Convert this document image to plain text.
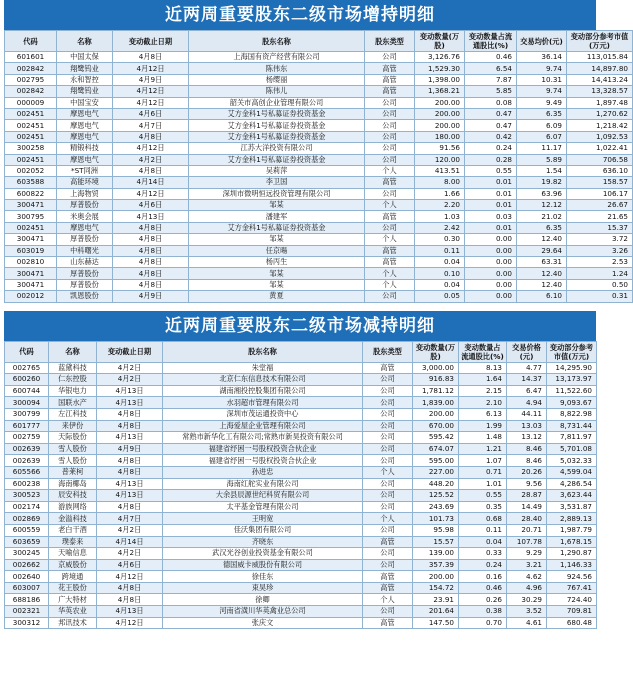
近两周重要股东二级市场增持明细
代码	名称	变动截止日期	股东名称	股东类型	变动数量(万股)	变动数量占流通股比(%)	交易均价(元)	变动部分参考市值(万元)
601601	中国太保	4月8日	上海国有资产经营有限公司	公司	3,126.76	0.46	36.14	113,015.84
002842	翔鹭钨业	4月12日	陈伟东	高管	1,529.30	6.54	9.74	14,897.80
002795	永和智控	4月9日	杨缨丽	高管	1,398.00	7.87	10.31	14,413.24
002842	翔鹭钨业	4月12日	陈伟儿	高管	1,368.21	5.85	9.74	13,328.57
000009	中国宝安	4月12日	韶关市高创企业管理有限公司	公司	200.00	0.08	9.49	1,897.48
002451	摩恩电气	4月6日	艾方金科1号私募证券投资基金	公司	200.00	0.47	6.35	1,270.62
002451	摩恩电气	4月7日	艾方金科1号私募证券投资基金	公司	200.00	0.47	6.09	1,218.42
002451	摩恩电气	4月8日	艾方金科1号私募证券投资基金	公司	180.00	0.42	6.07	1,092.53
300258	精锻科技	4月12日	江苏大洋投资有限公司	公司	91.56	0.24	11.17	1,022.41
002451	摩恩电气	4月2日	艾方金科1号私募证券投资基金	公司	120.00	0.28	5.89	706.58
002052	*ST同洲	4月8日	吴莉萍	个人	413.51	0.55	1.54	636.10
603588	高能环境	4月14日	李卫国	高管	8.00	0.01	19.82	158.57
600822	上海物贸	4月12日	深圳市微明恒远投资管理有限公司	公司	1.66	0.01	63.96	106.17
300471	厚普股份	4月6日	邹某	个人	2.20	0.01	12.12	26.67
300795	米奥会展	4月13日	潘建军	高管	1.03	0.03	21.02	21.65
002451	摩恩电气	4月8日	艾方金科1号私募证券投资基金	公司	2.42	0.01	6.35	15.37
300471	厚普股份	4月8日	邹某	个人	0.30	0.00	12.40	3.72
603019	中科曙光	4月8日	任京暘	高管	0.11	0.00	29.64	3.26
002810	山东赫达	4月8日	杨丙生	高管	0.04	0.00	63.31	2.53
300471	厚普股份	4月8日	邹某	个人	0.10	0.00	12.40	1.24
300471	厚普股份	4月8日	邹某	个人	0.04	0.00	12.40	0.50
002012	凯恩股份	4月9日	黄夏	公司	0.05	0.00	6.10	0.31
近两周重要股东二级市场减持明细
代码	名称	变动截止日期	股东名称	股东类型	变动数量(万股)	变动数量占流通股比(%)	交易价格(元)	变动部分参考市值(万元)
002765	蓝黛科技	4月2日	朱堂福	高管	3,000.00	8.13	4.77	14,295.90
600260	仁东控股	4月2日	北京仁东信息技术有限公司	公司	916.83	1.64	14.37	13,173.97
600744	华银电力	4月13日	湖南湘投控股集团有限公司	公司	1,781.12	2.15	6.47	11,522.60
300094	国联水产	4月13日	水羽超市管理有限公司	公司	1,839.00	2.10	4.94	9,093.67
300799	左江科技	4月8日	深圳市茂运通投资中心	公司	200.00	6.13	44.11	8,822.98
601777	来伊份	4月8日	上海爱屋企业管理有限公司	公司	670.00	1.99	13.03	8,731.44
002759	天际股份	4月13日	常熟市新华化工有限公司;常熟市新昊投资有限公司	公司	595.42	1.48	13.12	7,811.97
002639	雪人股份	4月9日	福建省纾困一号股权投资合伙企业	公司	674.07	1.21	8.46	5,701.08
002639	雪人股份	4月8日	福建省纾困一号股权投资合伙企业	公司	595.00	1.07	8.46	5,032.33
605566	普莱柯	4月8日	孙进忠	个人	227.00	0.71	20.26	4,599.04
600238	海南椰岛	4月13日	海南红舵实业有限公司	公司	448.20	1.01	9.56	4,286.54
300523	辰安科技	4月13日	大余县辰源世纪科贸有限公司	公司	125.52	0.55	28.87	3,623.44
002174	游族网络	4月8日	太平基金管理有限公司	公司	243.69	0.35	14.49	3,531.87
002869	金溢科技	4月7日	王明宽	个人	101.73	0.68	28.40	2,889.13
600559	老白干酒	4月2日	佳沃集团有限公司	公司	95.98	0.11	20.71	1,987.79
603659	璞泰来	4月14日	齐晓东	高管	15.57	0.04	107.78	1,678.15
300245	天喻信息	4月2日	武汉光谷创业投资基金有限公司	公司	139.00	0.33	9.29	1,290.87
002662	京威股份	4月6日	德国威卡威股份有限公司	公司	357.39	0.24	3.21	1,146.33
002640	跨境通	4月12日	徐佳东	高管	200.00	0.16	4.62	924.56
603007	花王股份	4月8日	束昊珍	高管	154.72	0.46	4.96	767.41
688186	广大特材	4月8日	徐卿	个人	23.91	0.26	30.29	724.40
002321	华英农业	4月13日	河南省潢川华英禽业总公司	公司	201.64	0.38	3.52	709.81
300312	邦讯技术	4月12日	张庆文	高管	147.50	0.70	4.61	680.48
